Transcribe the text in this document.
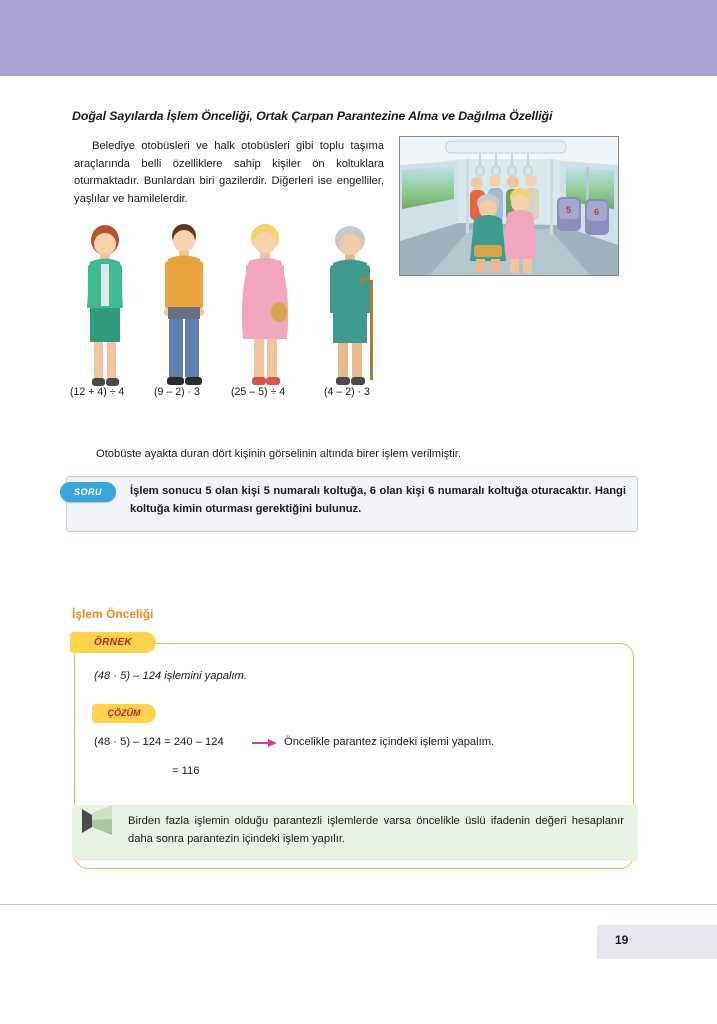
Doğal Sayılarda İşlem Önceliği, Ortak Çarpan Parantezine Alma ve Dağılma Özelliği
Belediye otobüsleri ve halk otobüsleri gibi toplu taşıma araçlarında belli özelliklere sahip kişiler ön koltuklara oturmaktadır. Bunlardan biri gazilerdir. Diğerleri ise engelliler, yaşlılar ve hamilelerdir.
5	6
(12 + 4) ÷ 4	(9 – 2) · 3	(25 – 5) ÷ 4	(4 – 2) · 3
Otobüste ayakta duran dört kişinin görselinin altında birer işlem verilmiştir.
SORU	İşlem sonucu 5 olan kişi 5 numaralı koltuğa, 6 olan kişi 6 numaralı koltuğa oturacaktır. Hangi koltuğa kimin oturması gerektiğini bulunuz.
İşlem Önceliği
ÖRNEK
(48 · 5) – 124 işlemini yapalım.
ÇÖZÜM
(48 · 5) – 124 = 240 – 124	Öncelikle parantez içindeki işlemi yapalım.
= 116
Birden fazla işlemin olduğu parantezli işlemlerde varsa öncelikle üslü ifadenin değeri hesaplanır daha sonra parantezin içindeki işlem yapılır.
19
